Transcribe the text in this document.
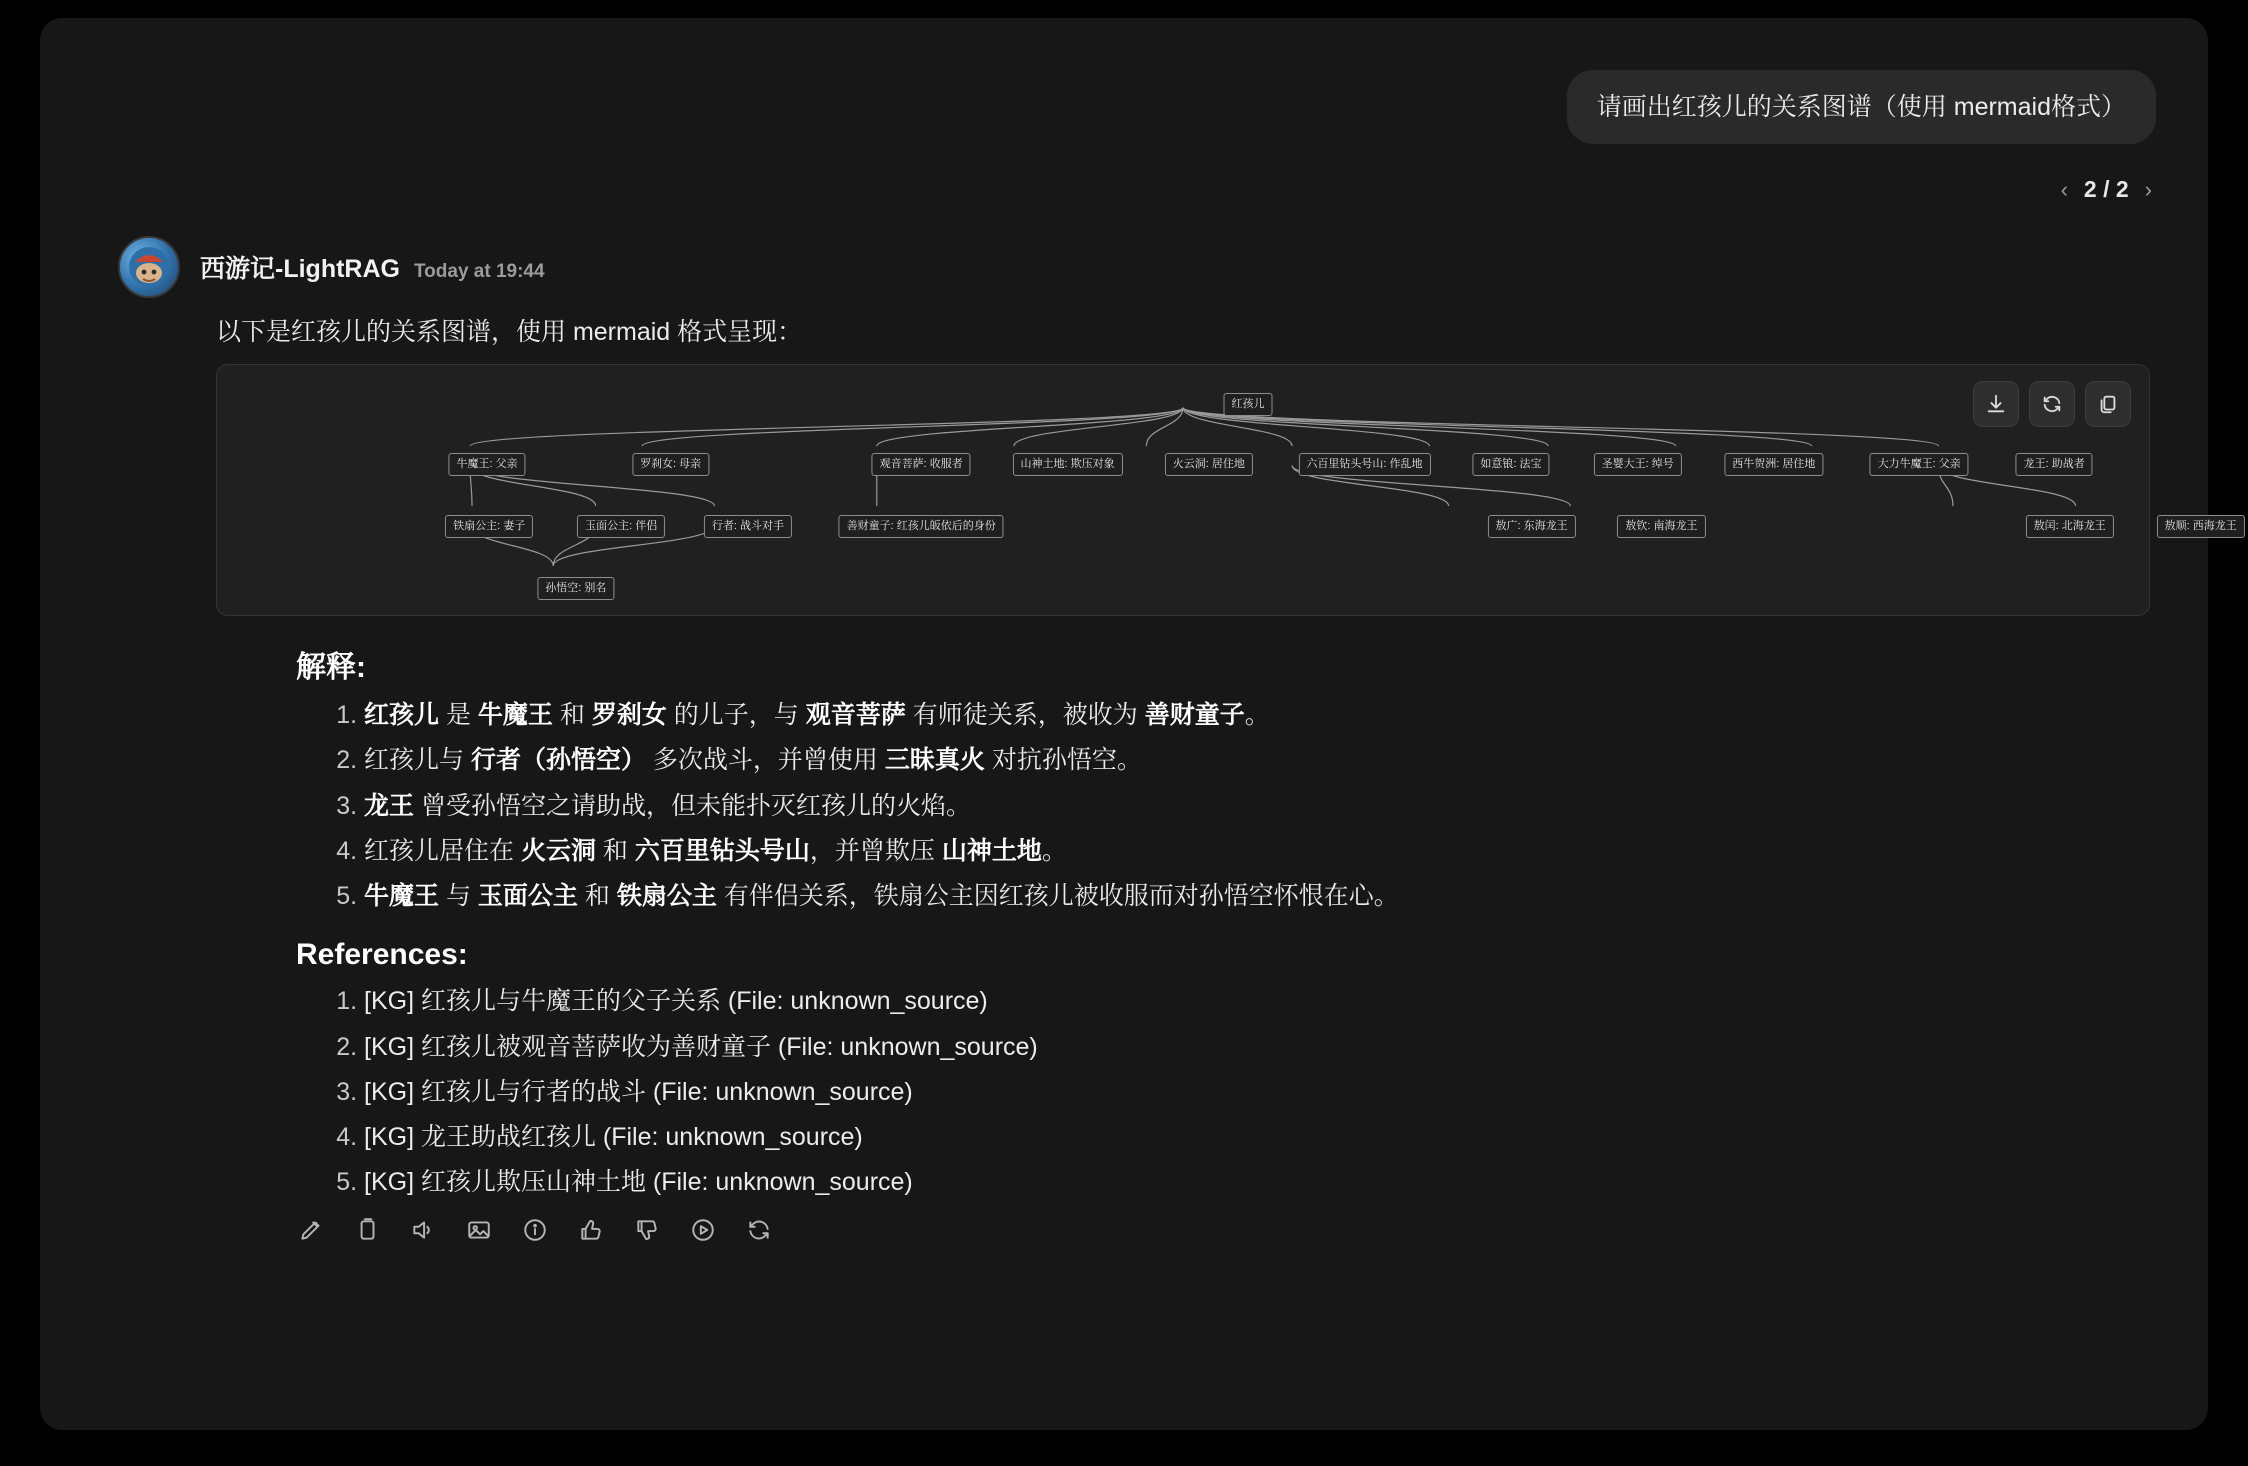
请画出红孩儿的关系图谱（使用 mermaid格式）
‹ 2 / 2 ›
西游记-LightRAG Today at 19:44
以下是红孩儿的关系图谱，使用 mermaid 格式呈现：
红孩儿
牛魔王: 父亲	罗刹女: 母亲	观音菩萨: 收服者	山神土地: 欺压对象	火云洞: 居住地	六百里钻头号山: 作乱地	如意锒: 法宝	圣婴大王: 绰号	西牛贺洲: 居住地	大力牛魔王: 父亲	龙王: 助战者
铁扇公主: 妻子	玉面公主: 伴侣	行者: 战斗对手	善财童子: 红孩儿皈依后的身份	敖广: 东海龙王	敖钦: 南海龙王	敖闰: 北海龙王	敖顺: 西海龙王
孙悟空: 别名
解释:
1. 红孩儿 是 牛魔王 和 罗刹女 的儿子，与 观音菩萨 有师徒关系，被收为 善财童子。
2. 红孩儿与 行者（孙悟空） 多次战斗，并曾使用 三昧真火 对抗孙悟空。
3. 龙王 曾受孙悟空之请助战，但未能扑灭红孩儿的火焰。
4. 红孩儿居住在 火云洞 和 六百里钻头号山，并曾欺压 山神土地。
5. 牛魔王 与 玉面公主 和 铁扇公主 有伴侣关系，铁扇公主因红孩儿被收服而对孙悟空怀恨在心。
References:
1. [KG] 红孩儿与牛魔王的父子关系 (File: unknown_source)
2. [KG] 红孩儿被观音菩萨收为善财童子 (File: unknown_source)
3. [KG] 红孩儿与行者的战斗 (File: unknown_source)
4. [KG] 龙王助战红孩儿 (File: unknown_source)
5. [KG] 红孩儿欺压山神土地 (File: unknown_source)
